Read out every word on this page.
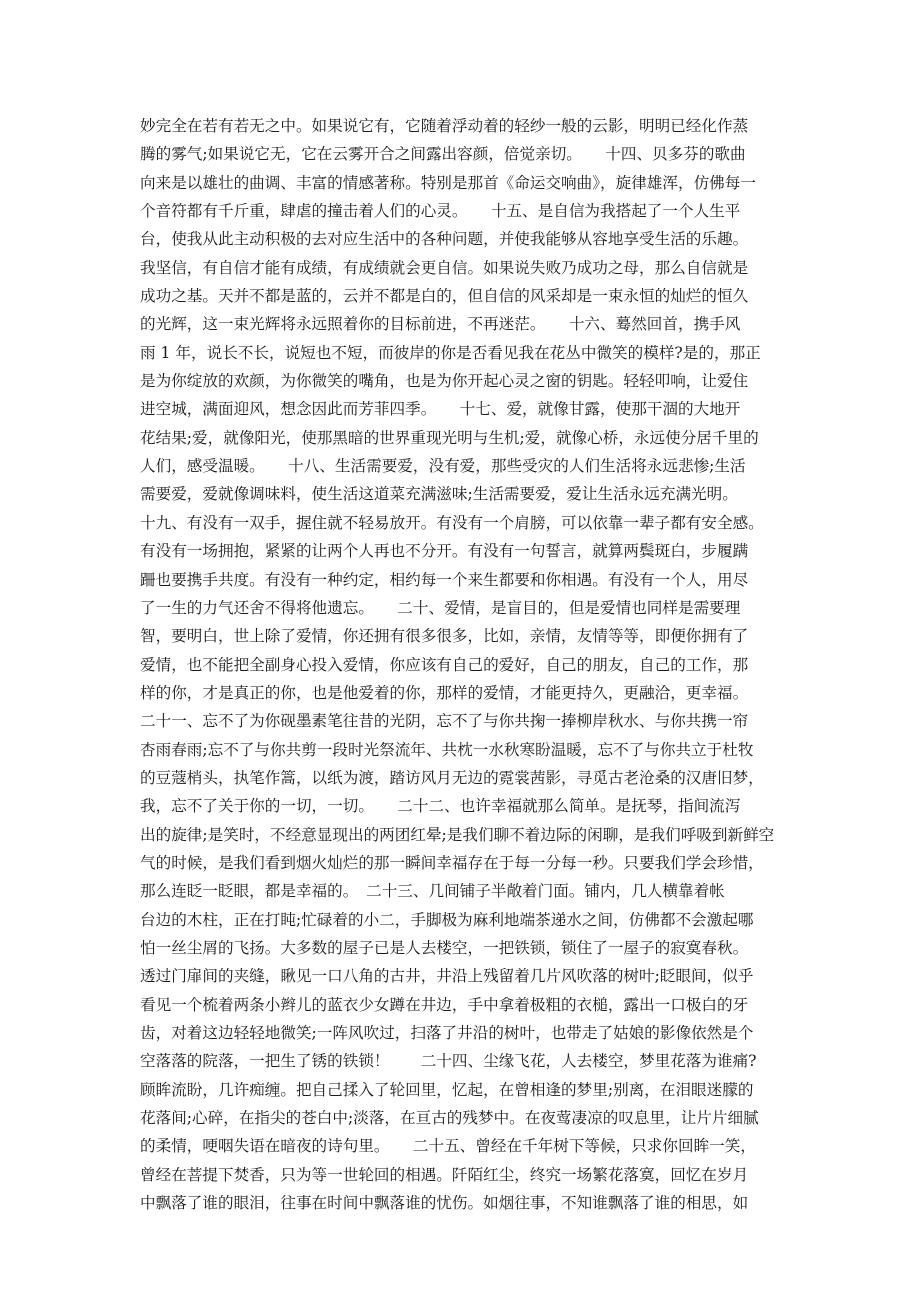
妙完全在若有若无之中。如果说它有，它随着浮动着的轻纱一般的云影，明明已经化作蒸
腾的雾气;如果说它无，它在云雾开合之间露出容颜，倍觉亲切。　　十四、贝多芬的歌曲
向来是以雄壮的曲调、丰富的情感著称。特别是那首《命运交响曲》，旋律雄浑，仿佛每一
个音符都有千斤重，肆虐的撞击着人们的心灵。　　十五、是自信为我搭起了一个人生平
台，使我从此主动积极的去对应生活中的各种问题，并使我能够从容地享受生活的乐趣。
我坚信，有自信才能有成绩，有成绩就会更自信。如果说失败乃成功之母，那么自信就是
成功之基。天并不都是蓝的，云并不都是白的，但自信的风采却是一束永恒的灿烂的恒久
的光辉，这一束光辉将永远照着你的目标前进，不再迷茫。　　十六、蓦然回首，携手风
雨 1 年，说长不长，说短也不短，而彼岸的你是否看见我在花丛中微笑的模样?是的，那正
是为你绽放的欢颜，为你微笑的嘴角，也是为你开起心灵之窗的钥匙。轻轻叩响，让爱住
进空城，满面迎风，想念因此而芳菲四季。　　十七、爱，就像甘露，使那干涸的大地开
花结果;爱，就像阳光，使那黑暗的世界重现光明与生机;爱，就像心桥，永远使分居千里的
人们，感受温暖。　　十八、生活需要爱，没有爱，那些受灾的人们生活将永远悲惨;生活
需要爱，爱就像调味料，使生活这道菜充满滋味;生活需要爱，爱让生活永远充满光明。
十九、有没有一双手，握住就不轻易放开。有没有一个肩膀，可以依靠一辈子都有安全感。
有没有一场拥抱，紧紧的让两个人再也不分开。有没有一句誓言，就算两鬓斑白，步履蹒
跚也要携手共度。有没有一种约定，相约每一个来生都要和你相遇。有没有一个人，用尽
了一生的力气还舍不得将他遗忘。　　二十、爱情，是盲目的，但是爱情也同样是需要理
智，要明白，世上除了爱情，你还拥有很多很多，比如，亲情，友情等等，即便你拥有了
爱情，也不能把全副身心投入爱情，你应该有自己的爱好，自己的朋友，自己的工作，那
样的你，才是真正的你，也是他爱着的你，那样的爱情，才能更持久，更融洽，更幸福。
二十一、忘不了为你砚墨素笔往昔的光阴，忘不了与你共掬一捧柳岸秋水、与你共携一帘
杏雨春雨;忘不了与你共剪一段时光祭流年、共枕一水秋寒盼温暖，忘不了与你共立于杜牧
的豆蔻梢头，执笔作篙，以纸为渡，踏访风月无边的霓裳茜影，寻觅古老沧桑的汉唐旧梦，
我，忘不了关于你的一切，一切。　　二十二、也许幸福就那么简单。是抚琴，指间流泻
出的旋律;是笑时，不经意显现出的两团红晕;是我们聊不着边际的闲聊，是我们呼吸到新鲜空
气的时候，是我们看到烟火灿烂的那一瞬间幸福存在于每一分每一秒。只要我们学会珍惜，
那么连眨一眨眼，都是幸福的。　二十三、几间铺子半敞着门面。铺内，几人横靠着帐
台边的木柱，正在打盹;忙碌着的小二，手脚极为麻利地端茶递水之间，仿佛都不会激起哪
怕一丝尘屑的飞扬。大多数的屋子已是人去楼空，一把铁锁，锁住了一屋子的寂寞春秋。
透过门扉间的夹缝，瞅见一口八角的古井，井沿上残留着几片风吹落的树叶;眨眼间，似乎
看见一个梳着两条小辫儿的蓝衣少女蹲在井边，手中拿着极粗的衣槌，露出一口极白的牙
齿，对着这边轻轻地微笑;一阵风吹过，扫落了井沿的树叶，也带走了姑娘的影像依然是个
空落落的院落，一把生了锈的铁锁！　　二十四、尘缘飞花，人去楼空，梦里花落为谁痛?
顾眸流盼，几许痴缠。把自己揉入了轮回里，忆起，在曾相逢的梦里;别离，在泪眼迷朦的
花落间;心碎，在指尖的苍白中;淡落，在亘古的残梦中。在夜莺凄凉的叹息里，让片片细腻
的柔情，哽咽失语在暗夜的诗句里。　　二十五、曾经在千年树下等候，只求你回眸一笑，
曾经在菩提下焚香，只为等一世轮回的相遇。阡陌红尘，终究一场繁花落寞，回忆在岁月
中飘落了谁的眼泪，往事在时间中飘落谁的忧伤。如烟往事，不知谁飘落了谁的相思，如
